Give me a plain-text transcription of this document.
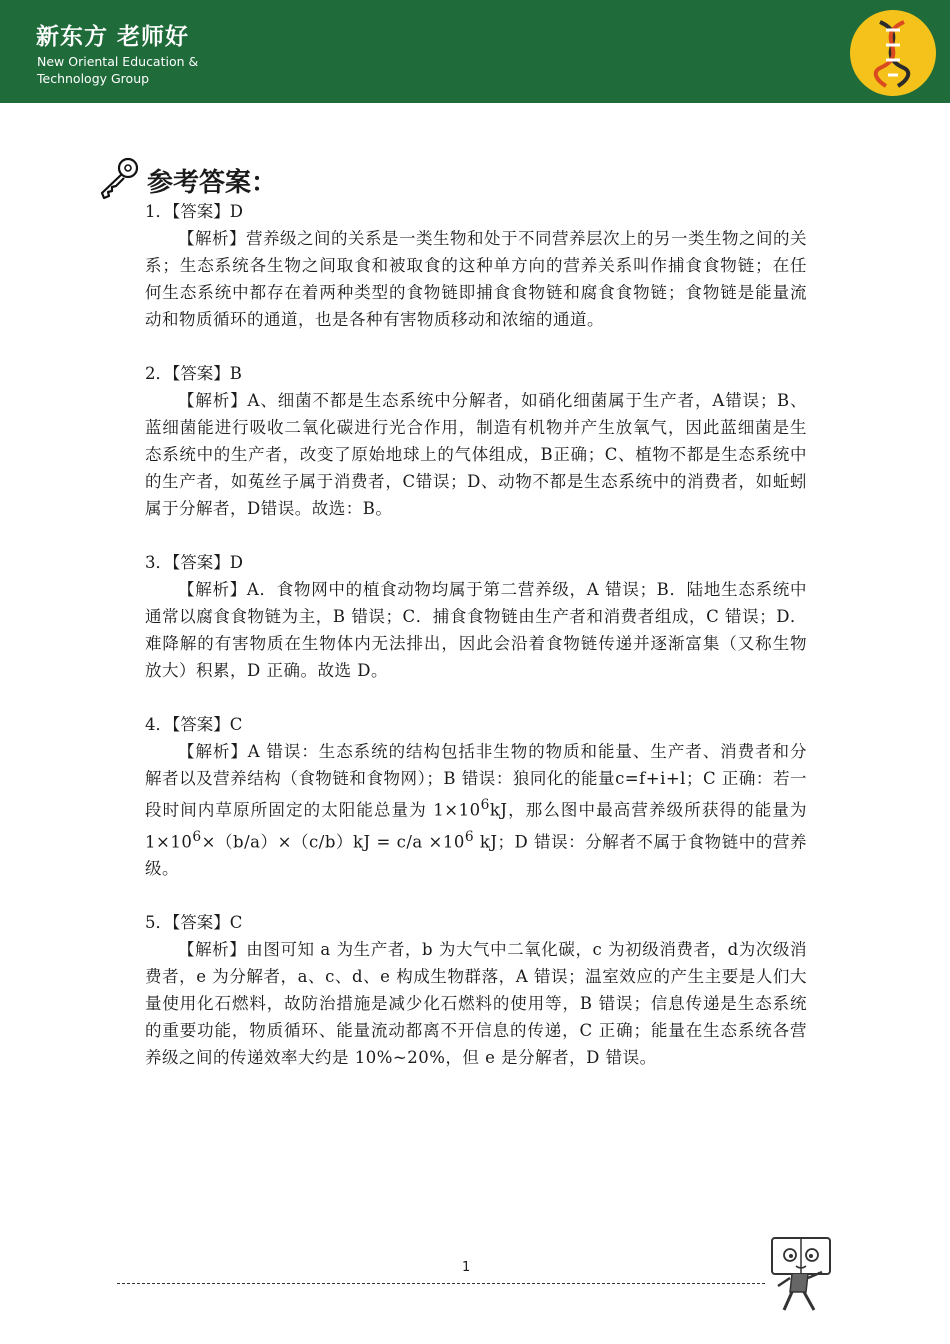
新东方 老师好
New Oriental Education &
Technology Group
参考答案：
1．【答案】D
【解析】营养级之间的关系是一类生物和处于不同营养层次上的另一类生物之间的关系；生态系统各生物之间取食和被取食的这种单方向的营养关系叫作捕食食物链；在任何生态系统中都存在着两种类型的食物链即捕食食物链和腐食食物链；食物链是能量流动和物质循环的通道，也是各种有害物质移动和浓缩的通道。
2．【答案】B
【解析】A、细菌不都是生态系统中分解者，如硝化细菌属于生产者，A错误；B、蓝细菌能进行吸收二氧化碳进行光合作用，制造有机物并产生放氧气，因此蓝细菌是生态系统中的生产者，改变了原始地球上的气体组成，B正确；C、植物不都是生态系统中的生产者，如菟丝子属于消费者，C错误；D、动物不都是生态系统中的消费者，如蚯蚓属于分解者，D错误。故选：B。
3．【答案】D
【解析】A．食物网中的植食动物均属于第二营养级，A 错误；B．陆地生态系统中通常以腐食食物链为主，B 错误；C．捕食食物链由生产者和消费者组成，C 错误；D．难降解的有害物质在生物体内无法排出，因此会沿着食物链传递并逐渐富集（又称生物放大）积累，D 正确。故选 D。
4．【答案】C
【解析】A 错误：生态系统的结构包括非生物的物质和能量、生产者、消费者和分解者以及营养结构（食物链和食物网）；B 错误：狼同化的能量c=f+i+l；C 正确：若一段时间内草原所固定的太阳能总量为 $1\times 10^6kJ$，那么图中最高营养级所获得的能量为 $1\times 10^6\times(b/a)\times(c/b)kJ = c/a \times 10^6$ kJ；D 错误：分解者不属于食物链中的营养级。
5．【答案】C
【解析】由图可知 a 为生产者，b 为大气中二氧化碳，c 为初级消费者，d为次级消费者，e 为分解者，a、c、d、e 构成生物群落，A 错误；温室效应的产生主要是人们大量使用化石燃料，故防治措施是减少化石燃料的使用等，B 错误；信息传递是生态系统的重要功能，物质循环、能量流动都离不开信息的传递，C 正确；能量在生态系统各营养级之间的传递效率大约是 10%~20%，但 e 是分解者，D 错误。
1
